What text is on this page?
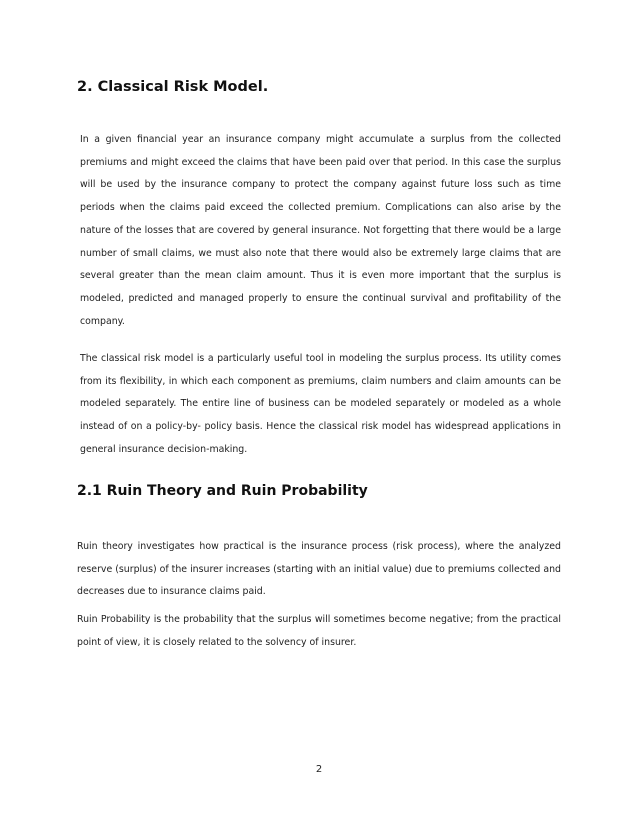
2. Classical Risk Model.
In a given financial year an insurance company might accumulate a surplus from the collected premiums and might exceed the claims that have been paid over that period. In this case the surplus will be used by the insurance company to protect the company against future loss such as time periods when the claims paid exceed the collected premium. Complications can also arise by the nature of the losses that are covered by general insurance. Not forgetting that there would be a large number of small claims, we must also note that there would also be extremely large claims that are several greater than the mean claim amount. Thus it is even more important that the surplus is modeled, predicted and managed properly to ensure the continual survival and profitability of the company.
The classical risk model is a particularly useful tool in modeling the surplus process. Its utility comes from its flexibility, in which each component as premiums, claim numbers and claim amounts can be modeled separately. The entire line of business can be modeled separately or modeled as a whole instead of on a policy-by- policy basis. Hence the classical risk model has widespread applications in general insurance decision-making.
2.1 Ruin Theory and Ruin Probability
Ruin theory investigates how practical is the insurance process (risk process), where the analyzed reserve (surplus) of the insurer increases (starting with an initial value) due to premiums collected and decreases due to insurance claims paid.
Ruin Probability is the probability that the surplus will sometimes become negative; from the practical point of view, it is closely related to the solvency of insurer.
2
